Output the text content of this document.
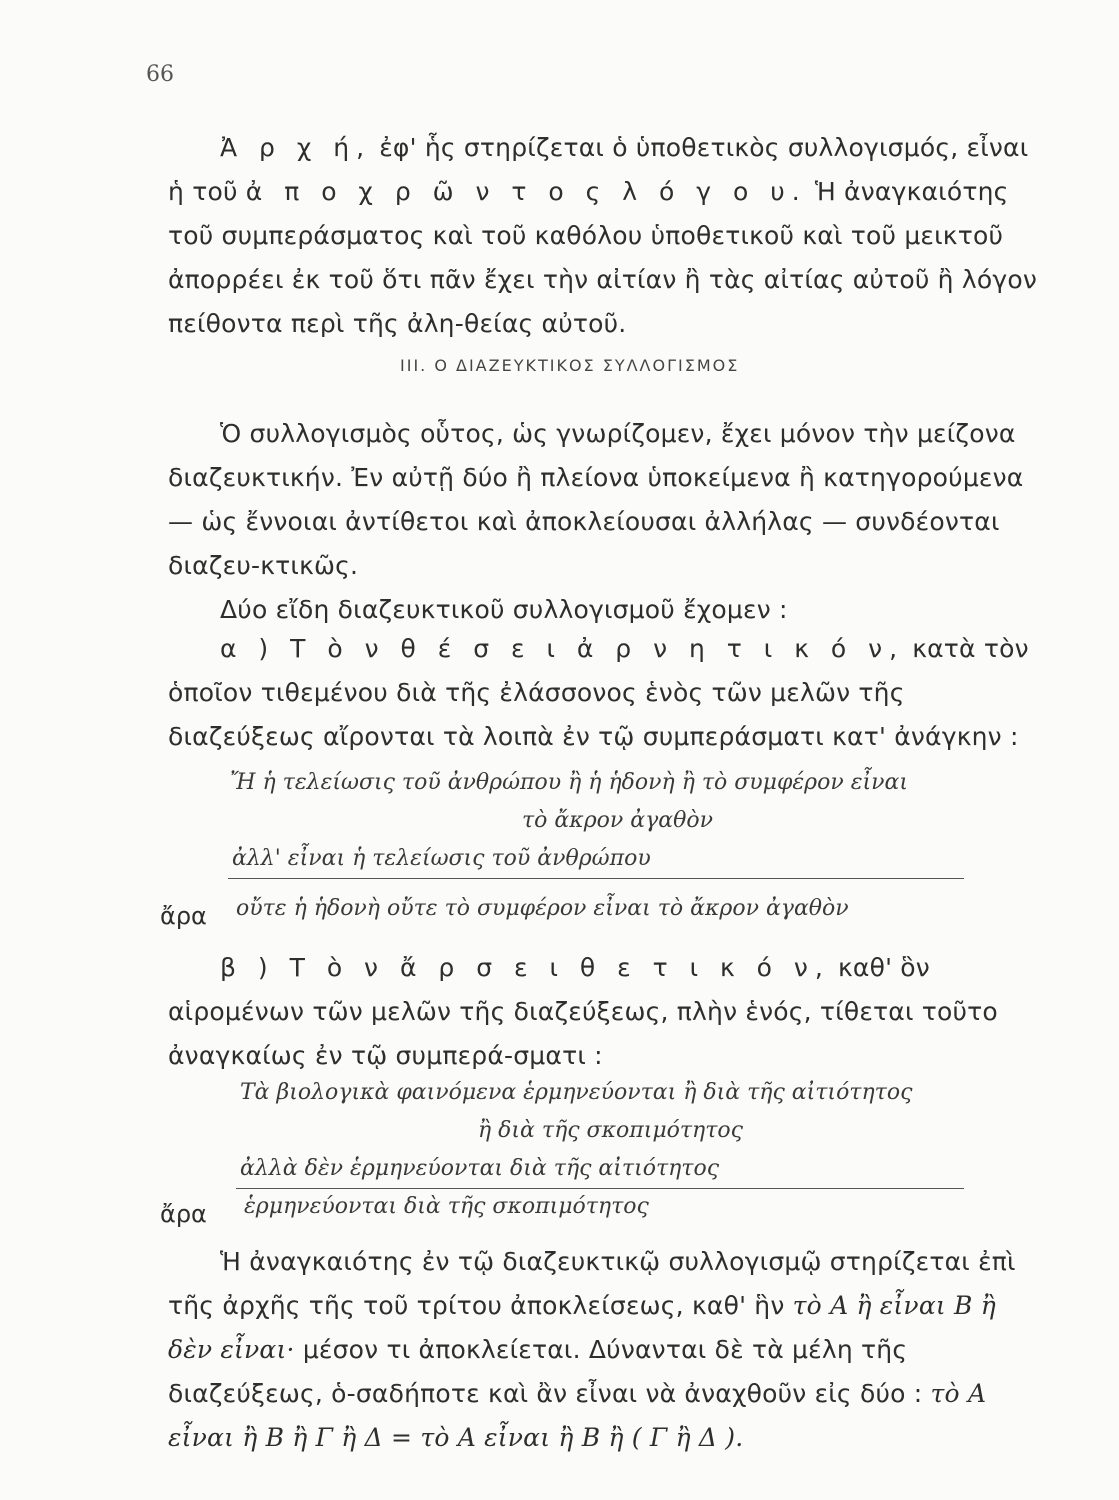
66

Ἀ ρ χ ή, ἐφ' ἧς στηρίζεται ὁ ὑποθετικὸς συλλογισμός, εἶναι ἡ τοῦ ἀ π ο χ ρ ῶ ν τ ο ς λ ό γ ο υ. Ἡ ἀναγκαιότης τοῦ συμπεράσματος καὶ τοῦ καθόλου ὑποθετικοῦ καὶ τοῦ μεικτοῦ ἀπορρέει ἐκ τοῦ ὅτι πᾶν ἔχει τὴν αἰτίαν ἢ τὰς αἰτίας αὐτοῦ ἢ λόγον πείθοντα περὶ τῆς ἀλη-θείας αὐτοῦ.

ΙΙΙ. Ο ΔΙΑΖΕΥΚΤΙΚΟΣ ΣΥΛΛΟΓΙΣΜΟΣ

Ὁ συλλογισμὸς οὗτος, ὡς γνωρίζομεν, ἔχει μόνον τὴν μείζονα διαζευκτικήν. Ἐν αὐτῇ δύο ἢ πλείονα ὑποκείμενα ἢ κατηγορούμενα — ὡς ἔννοιαι ἀντίθετοι καὶ ἀποκλείουσαι ἀλλήλας — συνδέονται διαζευ-κτικῶς.

Δύο εἴδη διαζευκτικοῦ συλλογισμοῦ ἔχομεν :

α ) Τ ὸ ν θ έ σ ε ι ἀ ρ ν η τ ι κ ό ν, κατὰ τὸν ὁποῖον τιθεμένου διὰ τῆς ἐλάσσονος ἑνὸς τῶν μελῶν τῆς διαζεύξεως αἴρονται τὰ λοιπὰ ἐν τῷ συμπεράσματι κατ' ἀνάγκην :

Ἤ ἡ τελείωσις τοῦ ἀνθρώπου ἢ ἡ ἡδονὴ ἢ τὸ συμφέρον εἶναι
τὸ ἄκρον ἀγαθὸν
ἀλλ' εἶναι ἡ τελείωσις τοῦ ἀνθρώπου
ἄρα οὔτε ἡ ἡδονὴ οὔτε τὸ συμφέρον εἶναι τὸ ἄκρον ἀγαθὸν

β ) Τ ὸ ν ἄ ρ σ ε ι θ ε τ ι κ ό ν, καθ' ὃν αἱρομένων τῶν μελῶν τῆς διαζεύξεως, πλὴν ἑνός, τίθεται τοῦτο ἀναγκαίως ἐν τῷ συμπερά-σματι :

Τὰ βιολογικὰ φαινόμενα ἑρμηνεύονται ἢ διὰ τῆς αἰτιότητος
ἢ διὰ τῆς σκοπιμότητος
ἀλλὰ δὲν ἑρμηνεύονται διὰ τῆς αἰτιότητος
ἄρα ἑρμηνεύονται διὰ τῆς σκοπιμότητος

Ἡ ἀναγκαιότης ἐν τῷ διαζευκτικῷ συλλογισμῷ στηρίζεται ἐπὶ τῆς ἀρχῆς τῆς τοῦ τρίτου ἀποκλείσεως, καθ' ἣν τὸ Α ἢ εἶναι Β ἢ δὲν εἶναι· μέσον τι ἀποκλείεται. Δύνανται δὲ τὰ μέλη τῆς διαζεύξεως, ὁ-σαδήποτε καὶ ἂν εἶναι νὰ ἀναχθοῦν εἰς δύο : τὸ Α εἶναι ἢ Β ἢ Γ ἢ Δ = τὸ Α εἶναι ἢ Β ἢ ( Γ ἢ Δ ).
